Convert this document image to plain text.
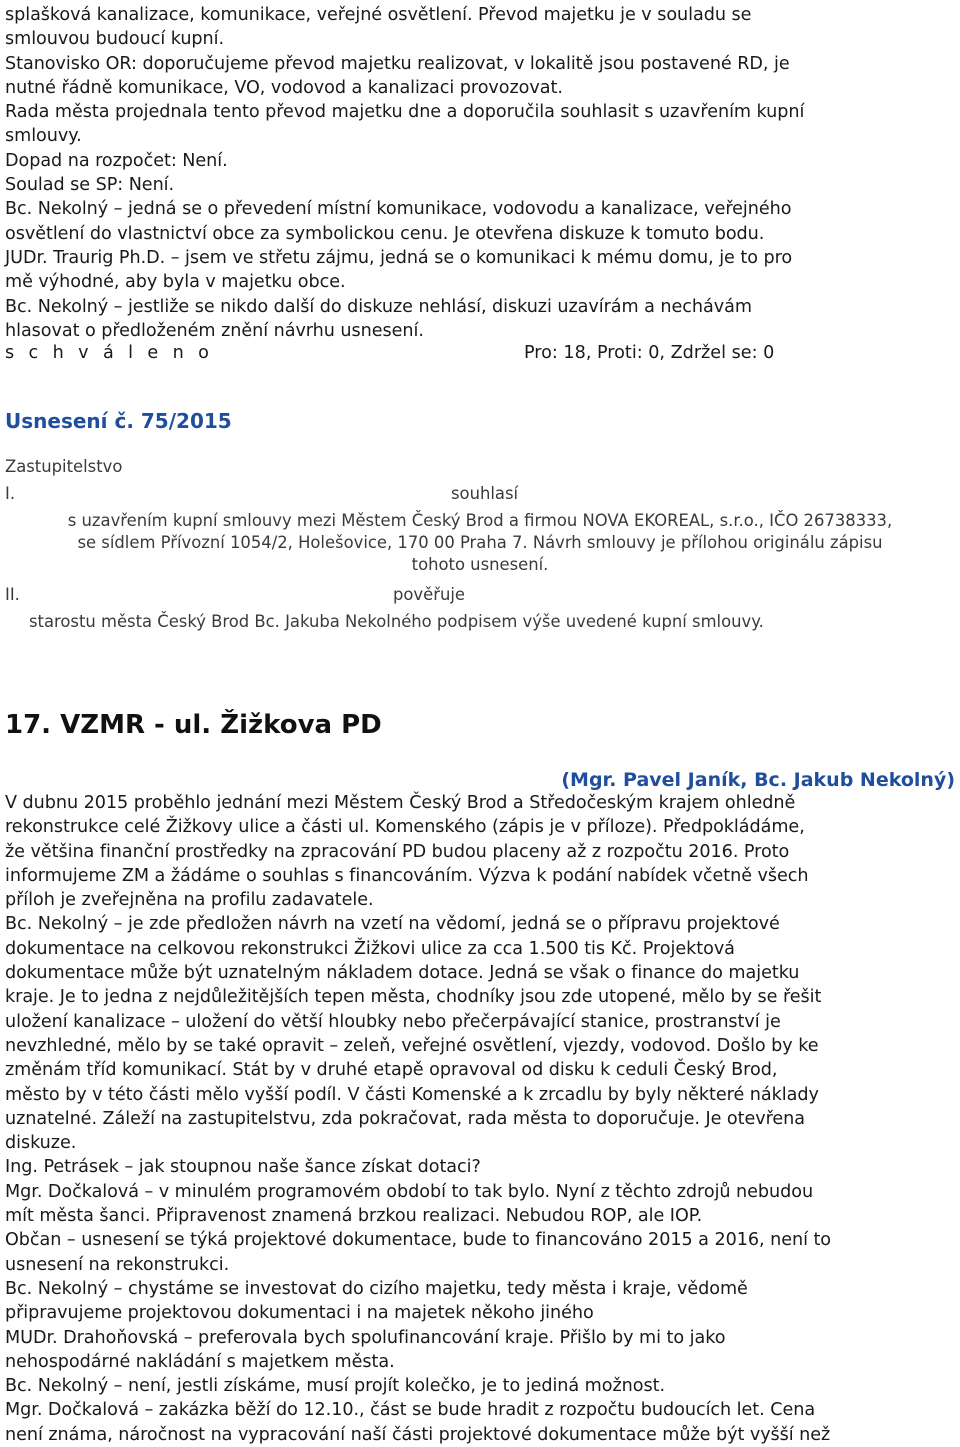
splašková kanalizace, komunikace, veřejné osvětlení. Převod majetku je v souladu se
smlouvou budoucí kupní.
Stanovisko OR: doporučujeme převod majetku realizovat, v lokalitě jsou postavené RD, je
nutné řádně komunikace, VO, vodovod a kanalizaci provozovat.
Rada města projednala tento převod majetku dne a doporučila souhlasit s uzavřením kupní
smlouvy.
Dopad na rozpočet: Není.
Soulad se SP: Není.
Bc. Nekolný – jedná se o převedení místní komunikace, vodovodu a kanalizace, veřejného
osvětlení do vlastnictví obce za symbolickou cenu. Je otevřena diskuze k tomuto bodu.
JUDr. Traurig Ph.D. – jsem ve střetu zájmu, jedná se o komunikaci k mému domu, je to pro
mě výhodné, aby byla v majetku obce.
Bc. Nekolný – jestliže se nikdo další do diskuze nehlásí, diskuzi uzavírám a nechávám
hlasovat o předloženém znění návrhu usnesení.

s c h v á l e n o	Pro: 18, Proti: 0, Zdržel se: 0
Usnesení č. 75/2015
Zastupitelstvo
I.	souhlasí
s uzavřením kupní smlouvy mezi Městem Český Brod a firmou NOVA EKOREAL, s.r.o., IČO 26738333,
se sídlem Přívozní 1054/2, Holešovice, 170 00 Praha 7. Návrh smlouvy je přílohou originálu zápisu
tohoto usnesení.
II.	pověřuje
starostu města Český Brod Bc. Jakuba Nekolného podpisem výše uvedené kupní smlouvy.
17. VZMR - ul. Žižkova PD
(Mgr. Pavel Janík, Bc. Jakub Nekolný)

V dubnu 2015 proběhlo jednání mezi Městem Český Brod a Středočeským krajem ohledně
rekonstrukce celé Žižkovy ulice a části ul. Komenského (zápis je v příloze). Předpokládáme,
že většina finanční prostředky na zpracování PD budou placeny až z rozpočtu 2016. Proto
informujeme ZM a žádáme o souhlas s financováním. Výzva k podání nabídek včetně všech
příloh je zveřejněna na profilu zadavatele.
Bc. Nekolný – je zde předložen návrh na vzetí na vědomí, jedná se o přípravu projektové
dokumentace na celkovou rekonstrukci Žižkovi ulice za cca 1.500 tis Kč. Projektová
dokumentace může být uznatelným nákladem dotace. Jedná se však o finance do majetku
kraje. Je to jedna z nejdůležitějších tepen města, chodníky jsou zde utopené, mělo by se řešit
uložení kanalizace – uložení do větší hloubky nebo přečerpávající stanice, prostranství je
nevzhledné, mělo by se také opravit – zeleň, veřejné osvětlení, vjezdy, vodovod. Došlo by ke
změnám tříd komunikací. Stát by v druhé etapě opravoval od disku k ceduli Český Brod,
město by v této části mělo vyšší podíl. V části Komenské a k zrcadlu by byly některé náklady
uznatelné. Záleží na zastupitelstvu, zda pokračovat, rada města to doporučuje. Je otevřena
diskuze.
Ing. Petrásek – jak stoupnou naše šance získat dotaci?
Mgr. Dočkalová – v minulém programovém období to tak bylo. Nyní z těchto zdrojů nebudou
mít města šanci. Připravenost znamená brzkou realizaci. Nebudou ROP, ale IOP.
Občan – usnesení se týká projektové dokumentace, bude to financováno 2015 a 2016, není to
usnesení na rekonstrukci.
Bc. Nekolný – chystáme se investovat do cizího majetku, tedy města i kraje, vědomě
připravujeme projektovou dokumentaci i na majetek někoho jiného
MUDr. Drahoňovská – preferovala bych spolufinancování kraje. Přišlo by mi to jako
nehospodárné nakládání s majetkem města.
Bc. Nekolný – není, jestli získáme, musí projít kolečko, je to jediná možnost.
Mgr. Dočkalová – zakázka běží do 12.10., část se bude hradit z rozpočtu budoucích let. Cena
není známa, náročnost na vypracování naší části projektové dokumentace může být vyšší než
